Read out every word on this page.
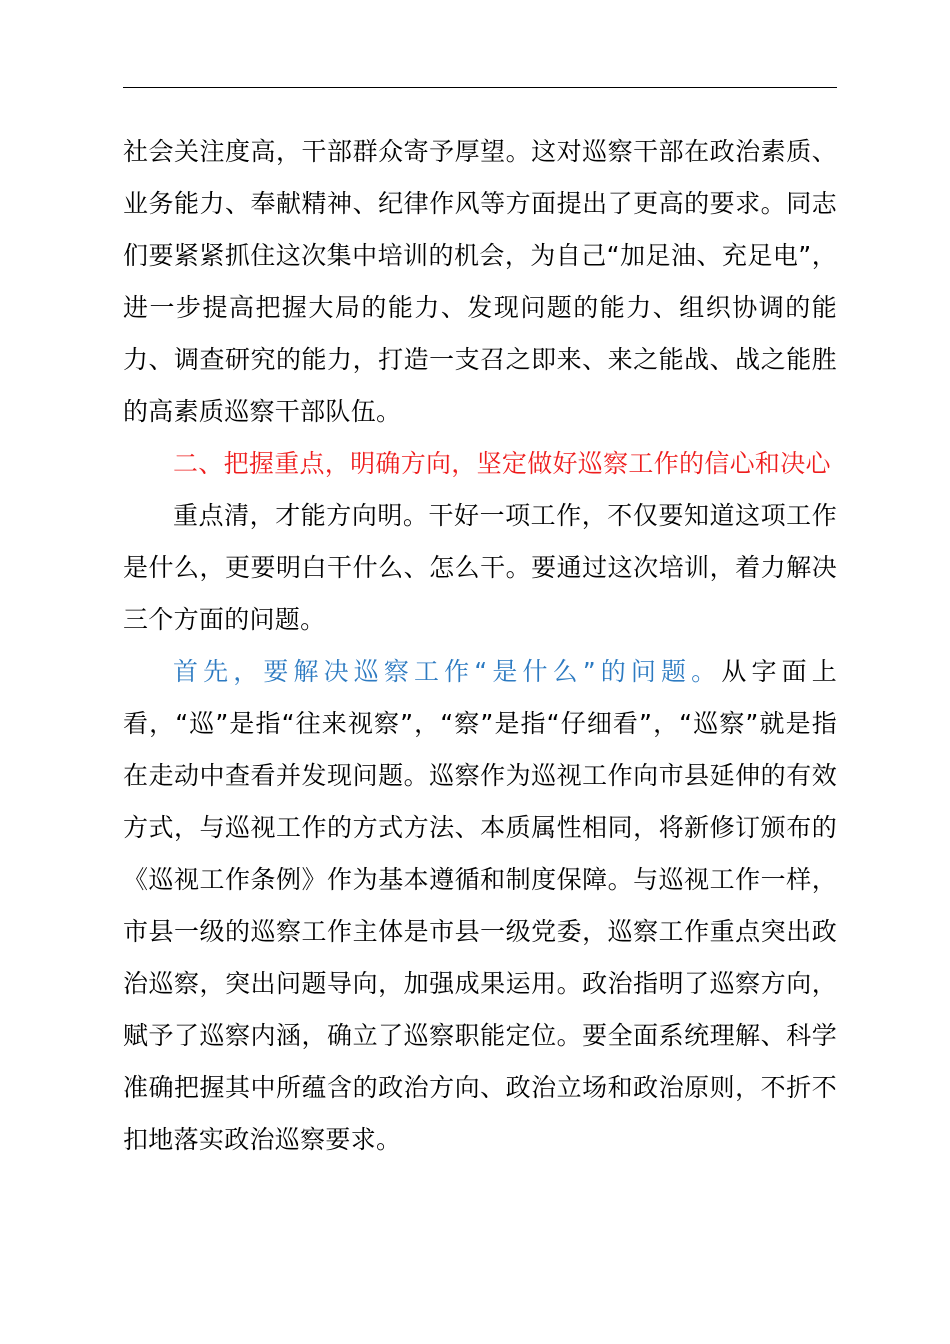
社会关注度高，干部群众寄予厚望。这对巡察干部在政治素质、业务能力、奉献精神、纪律作风等方面提出了更高的要求。同志们要紧紧抓住这次集中培训的机会，为自己“加足油、充足电”，进一步提高把握大局的能力、发现问题的能力、组织协调的能力、调查研究的能力，打造一支召之即来、来之能战、战之能胜的高素质巡察干部队伍。

二、把握重点，明确方向，坚定做好巡察工作的信心和决心

重点清，才能方向明。干好一项工作，不仅要知道这项工作是什么，更要明白干什么、怎么干。要通过这次培训，着力解决三个方面的问题。

首先，要解决巡察工作“是什么”的问题。从字面上看，“巡”是指“往来视察”，“察”是指“仔细看”，“巡察”就是指在走动中查看并发现问题。巡察作为巡视工作向市县延伸的有效方式，与巡视工作的方式方法、本质属性相同，将新修订颁布的《巡视工作条例》作为基本遵循和制度保障。与巡视工作一样，市县一级的巡察工作主体是市县一级党委，巡察工作重点突出政治巡察，突出问题导向，加强成果运用。政治指明了巡察方向，赋予了巡察内涵，确立了巡察职能定位。要全面系统理解、科学准确把握其中所蕴含的政治方向、政治立场和政治原则，不折不扣地落实政治巡察要求。
